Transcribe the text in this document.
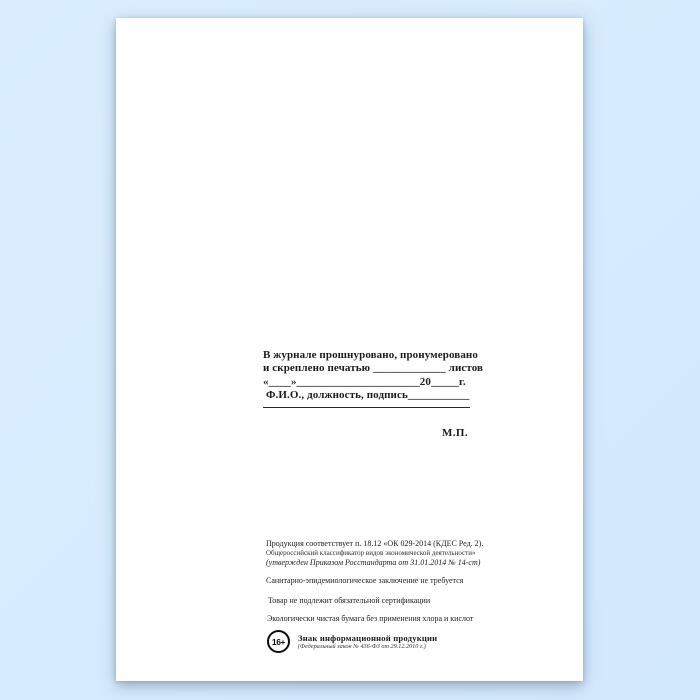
В журнале прошнуровано, пронумеровано
и скреплено печатью _____________ листов
«____»______________________20_____г.
Ф.И.О., должность, подпись___________
М.П.
Продукция соответствует п. 18.12 «ОК 029-2014 (КДЕС Ред. 2).
Общероссийский классификатор видов экономической деятельности»
(утвержден Приказом Росстандарта от 31.01.2014 № 14-ст)
Санитарно-эпидемиологическое заключение не требуется
Товар не подлежит обязательной сертификации
Экологически чистая бумага без применения хлора и кислот
16+	Знак информационной продукции
(Федеральный закон № 436-ФЗ от 29.12.2010 г.)
